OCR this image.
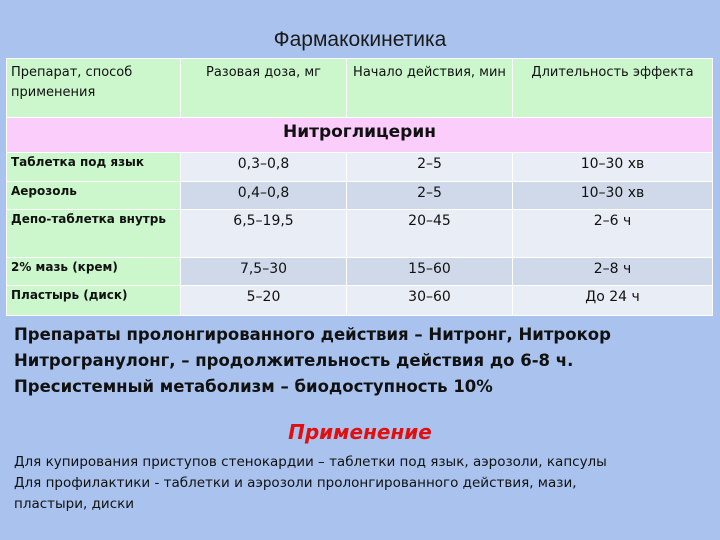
Фармакокинетика
Препарат, способ применения	Разовая доза, мг	Начало действия, мин	Длительность эффекта

Нитроглицерин			
Таблетка под язык	0,3–0,8	2–5	10–30 хв
Аерозоль	0,4–0,8	2–5	10–30 хв
Депо-таблетка внутрь	6,5–19,5	20–45	2–6 ч
2% мазь (крем)	7,5–30	15–60	2–8 ч
Пластырь (диск)	5–20	30–60	До 24 ч
Препараты пролонгированного действия – Нитронг, Нитрокор
Нитрогранулонг, – продолжительность действия до 6-8 ч.
Пресистемный метаболизм – биодоступность 10%
Применение
Для купирования приступов стенокардии – таблетки под язык, аэрозоли, капсулы
Для профилактики - таблетки и аэрозоли пролонгированного действия, мази,
пластыри, диски
